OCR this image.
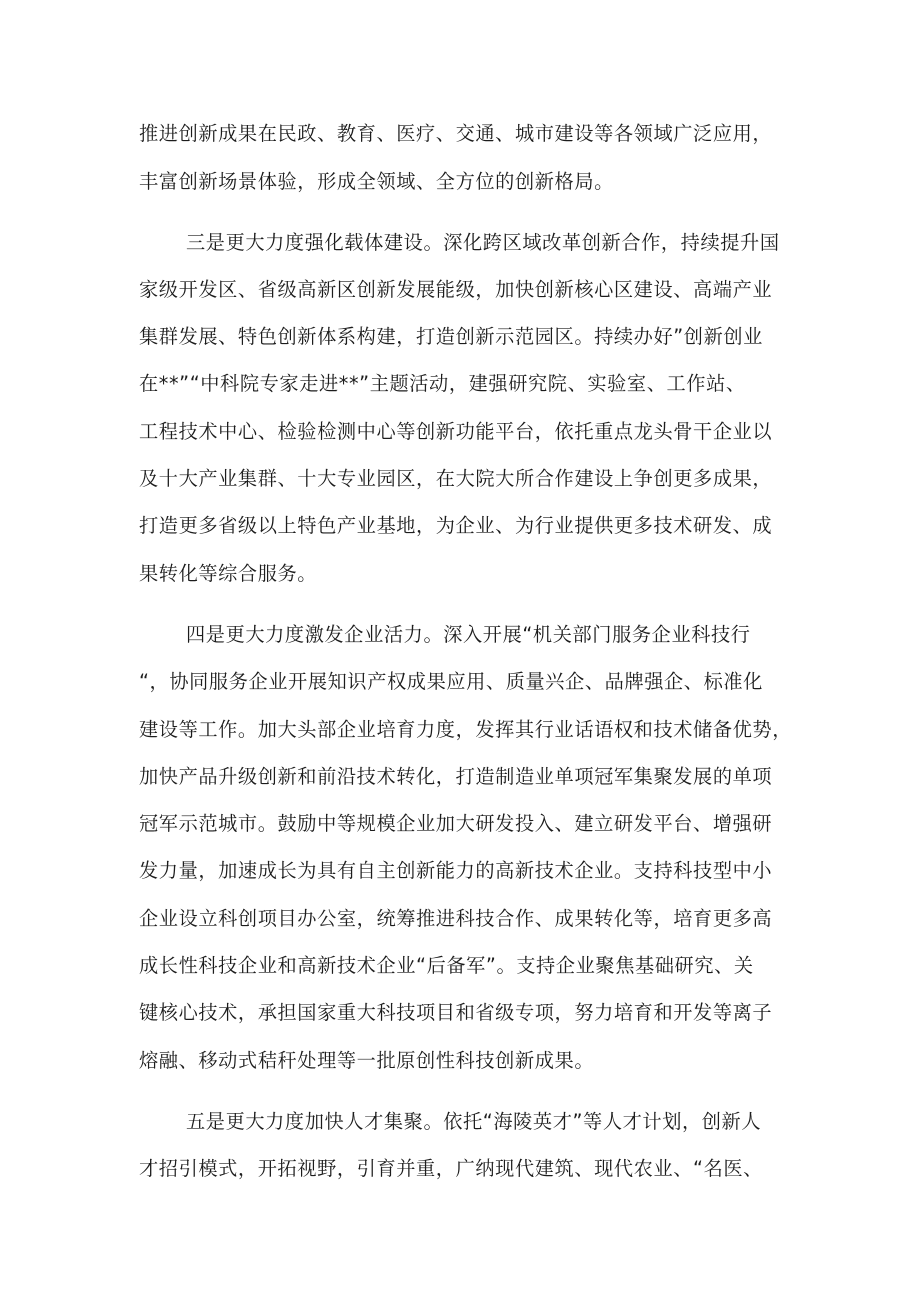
推进创新成果在民政、教育、医疗、交通、城市建设等各领域广泛应用，
丰富创新场景体验，形成全领域、全方位的创新格局。
三是更大力度强化载体建设。深化跨区域改革创新合作，持续提升国
家级开发区、省级高新区创新发展能级，加快创新核心区建设、高端产业
集群发展、特色创新体系构建，打造创新示范园区。持续办好”创新创业
在**”“中科院专家走进**”主题活动，建强研究院、实验室、工作站、
工程技术中心、检验检测中心等创新功能平台，依托重点龙头骨干企业以
及十大产业集群、十大专业园区，在大院大所合作建设上争创更多成果，
打造更多省级以上特色产业基地，为企业、为行业提供更多技术研发、成
果转化等综合服务。
四是更大力度激发企业活力。深入开展“机关部门服务企业科技行
“，协同服务企业开展知识产权成果应用、质量兴企、品牌强企、标准化
建设等工作。加大头部企业培育力度，发挥其行业话语权和技术储备优势，
加快产品升级创新和前沿技术转化，打造制造业单项冠军集聚发展的单项
冠军示范城市。鼓励中等规模企业加大研发投入、建立研发平台、增强研
发力量，加速成长为具有自主创新能力的高新技术企业。支持科技型中小
企业设立科创项目办公室，统筹推进科技合作、成果转化等，培育更多高
成长性科技企业和高新技术企业“后备军”。支持企业聚焦基础研究、关
键核心技术，承担国家重大科技项目和省级专项，努力培育和开发等离子
熔融、移动式秸秆处理等一批原创性科技创新成果。
五是更大力度加快人才集聚。依托“海陵英才”等人才计划，创新人
才招引模式，开拓视野，引育并重，广纳现代建筑、现代农业、“名医、
